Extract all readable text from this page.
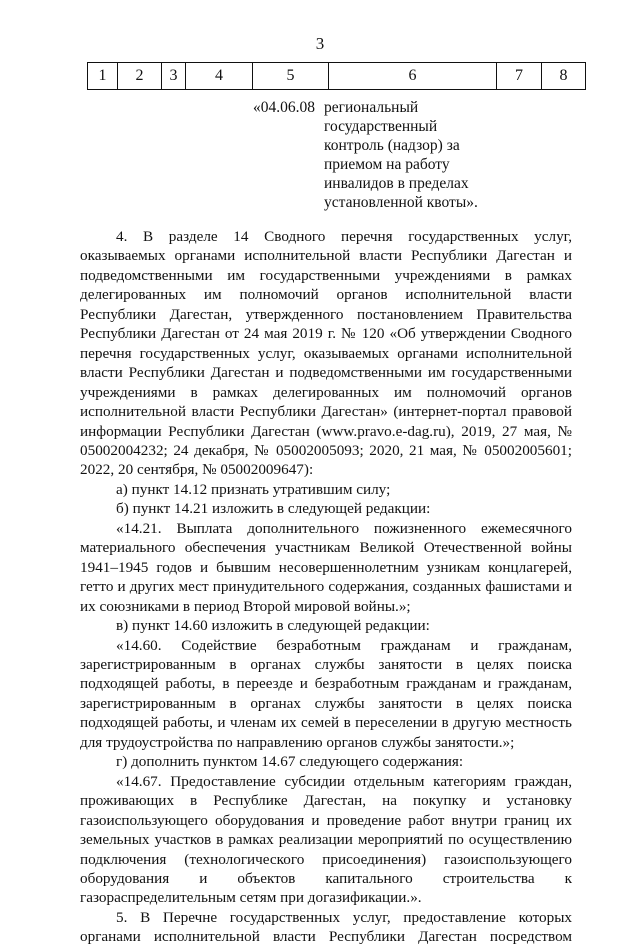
3
1	2	3	4	5	6	7	8
«04.06.08 региональный государственный контроль (надзор) за приемом на работу инвалидов в пределах установленной квоты».

4. В разделе 14 Сводного перечня государственных услуг, оказываемых органами исполнительной власти Республики Дагестан и подведомственными им государственными учреждениями в рамках делегированных им полномочий органов исполнительной власти Республики Дагестан, утвержденного постановлением Правительства Республики Дагестан от 24 мая 2019 г. № 120 «Об утверждении Сводного перечня государственных услуг, оказываемых органами исполнительной власти Республики Дагестан и подведомственными им государственными учреждениями в рамках делегированных им полномочий органов исполнительной власти Республики Дагестан» (интернет-портал правовой информации Республики Дагестан (www.pravo.e-dag.ru), 2019, 27 мая, № 05002004232; 24 декабря, № 05002005093; 2020, 21 мая, № 05002005601; 2022, 20 сентября, № 05002009647):

а) пункт 14.12 признать утратившим силу;

б) пункт 14.21 изложить в следующей редакции:

«14.21. Выплата дополнительного пожизненного ежемесячного материального обеспечения участникам Великой Отечественной войны 1941–1945 годов и бывшим несовершеннолетним узникам концлагерей, гетто и других мест принудительного содержания, созданных фашистами и их союзниками в период Второй мировой войны.»;

в) пункт 14.60 изложить в следующей редакции:

«14.60. Содействие безработным гражданам и гражданам, зарегистрированным в органах службы занятости в целях поиска подходящей работы, в переезде и безработным гражданам и гражданам, зарегистрированным в органах службы занятости в целях поиска подходящей работы, и членам их семей в переселении в другую местность для трудоустройства по направлению органов службы занятости.»;

г) дополнить пунктом 14.67 следующего содержания:

«14.67. Предоставление субсидии отдельным категориям граждан, проживающих в Республике Дагестан, на покупку и установку газоиспользующего оборудования и проведение работ внутри границ их земельных участков в рамках реализации мероприятий по осуществлению подключения (технологического присоединения) газоиспользующего оборудования и объектов капитального строительства к газораспределительным сетям при догазификации.».

5. В Перечне государственных услуг, предоставление которых органами исполнительной власти Республики Дагестан посредством
